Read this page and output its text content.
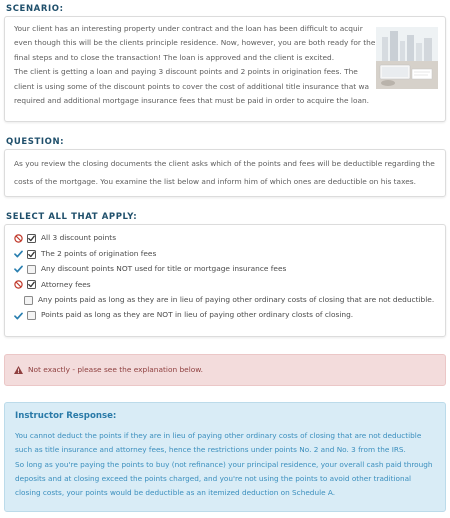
SCENARIO:

Your client has an interesting property under contract and the loan has been difficult to acquir

even though this will be the clients principle residence. Now, however, you are both ready for the

final steps and to close the transaction! The loan is approved and the client is excited.

The client is getting a loan and paying 3 discount points and 2 points in origination fees. The

client is using some of the discount points to cover the cost of additional title insurance that wa

required and additional mortgage insurance fees that must be paid in order to acquire the loan.

QUESTION:

As you review the closing documents the client asks which of the points and fees will be deductible regarding the

costs of the mortgage. You examine the list below and inform him of which ones are deductible on his taxes.

SELECT ALL THAT APPLY:
All 3 discount points
The 2 points of origination fees
Any discount points NOT used for title or mortgage insurance fees
Attorney fees
Any points paid as long as they are in lieu of paying other ordinary costs of closing that are not deductible.
Points paid as long as they are NOT in lieu of paying other ordinary closts of closing.
Not exactly - please see the explanation below.
Instructor Response:

You cannot deduct the points if they are in lieu of paying other ordinary costs of closing that are not deductible

such as title insurance and attorney fees, hence the restrictions under points No. 2 and No. 3 from the IRS.

So long as you're paying the points to buy (not refinance) your principal residence, your overall cash paid through

deposits and at closing exceed the points charged, and you're not using the points to avoid other traditional

closing costs, your points would be deductible as an itemized deduction on Schedule A.
